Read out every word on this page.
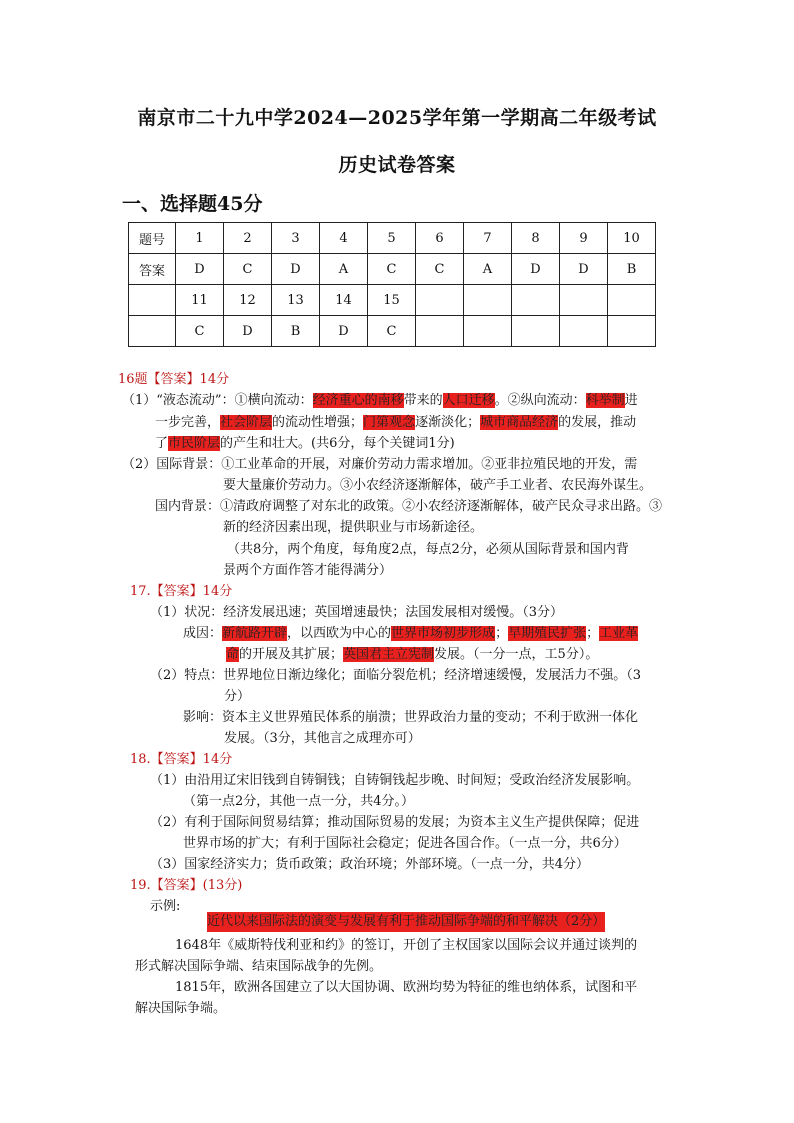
南京市二十九中学2024—2025学年第一学期高二年级考试
历史试卷答案
一、选择题45分
题号	1	2	3	4	5	6	7	8	9	10
答案	D	C	D	A	C	C	A	D	D	B
	11	12	13	14	15					
	C	D	B	D	C					
16题【答案】14分
（1）“液态流动”：①横向流动：经济重心的南移带来的人口迁移。②纵向流动：科举制进
一步完善，社会阶层的流动性增强；门第观念逐渐淡化；城市商品经济的发展，推动
了市民阶层的产生和壮大。(共6分，每个关键词1分)
（2）国际背景：①工业革命的开展，对廉价劳动力需求增加。②亚非拉殖民地的开发，需
要大量廉价劳动力。③小农经济逐渐解体，破产手工业者、农民海外谋生。
国内背景：①清政府调整了对东北的政策。②小农经济逐渐解体，破产民众寻求出路。③
新的经济因素出现，提供职业与市场新途径。
（共8分，两个角度，每角度2点，每点2分，必须从国际背景和国内背
景两个方面作答才能得满分）
17.【答案】14分
（1）状况：经济发展迅速；英国增速最快；法国发展相对缓慢。（3分）
成因：新航路开辟，以西欧为中心的世界市场初步形成；早期殖民扩张；工业革
命的开展及其扩展；英国君主立宪制发展。（一分一点，工5分）。
（2）特点：世界地位日渐边缘化；面临分裂危机；经济增速缓慢，发展活力不强。（3
分）
影响：资本主义世界殖民体系的崩溃；世界政治力量的变动；不利于欧洲一体化
发展。（3分，其他言之成理亦可）
18.【答案】14分
（1）由沿用辽宋旧钱到自铸铜钱；自铸铜钱起步晚、时间短；受政治经济发展影响。
（第一点2分，其他一点一分，共4分。）
（2）有利于国际间贸易结算；推动国际贸易的发展；为资本主义生产提供保障；促进
世界市场的扩大；有利于国际社会稳定；促进各国合作。（一点一分，共6分）
（3）国家经济实力；货币政策；政治环境；外部环境。（一点一分，共4分）
19.【答案】(13分)
示例:
近代以来国际法的演变与发展有利于推动国际争端的和平解决（2分）
1648年《威斯特伐利亚和约》的签订，开创了主权国家以国际会议并通过谈判的
形式解决国际争端、结束国际战争的先例。
1815年，欧洲各国建立了以大国协调、欧洲均势为特征的维也纳体系，试图和平
解决国际争端。
